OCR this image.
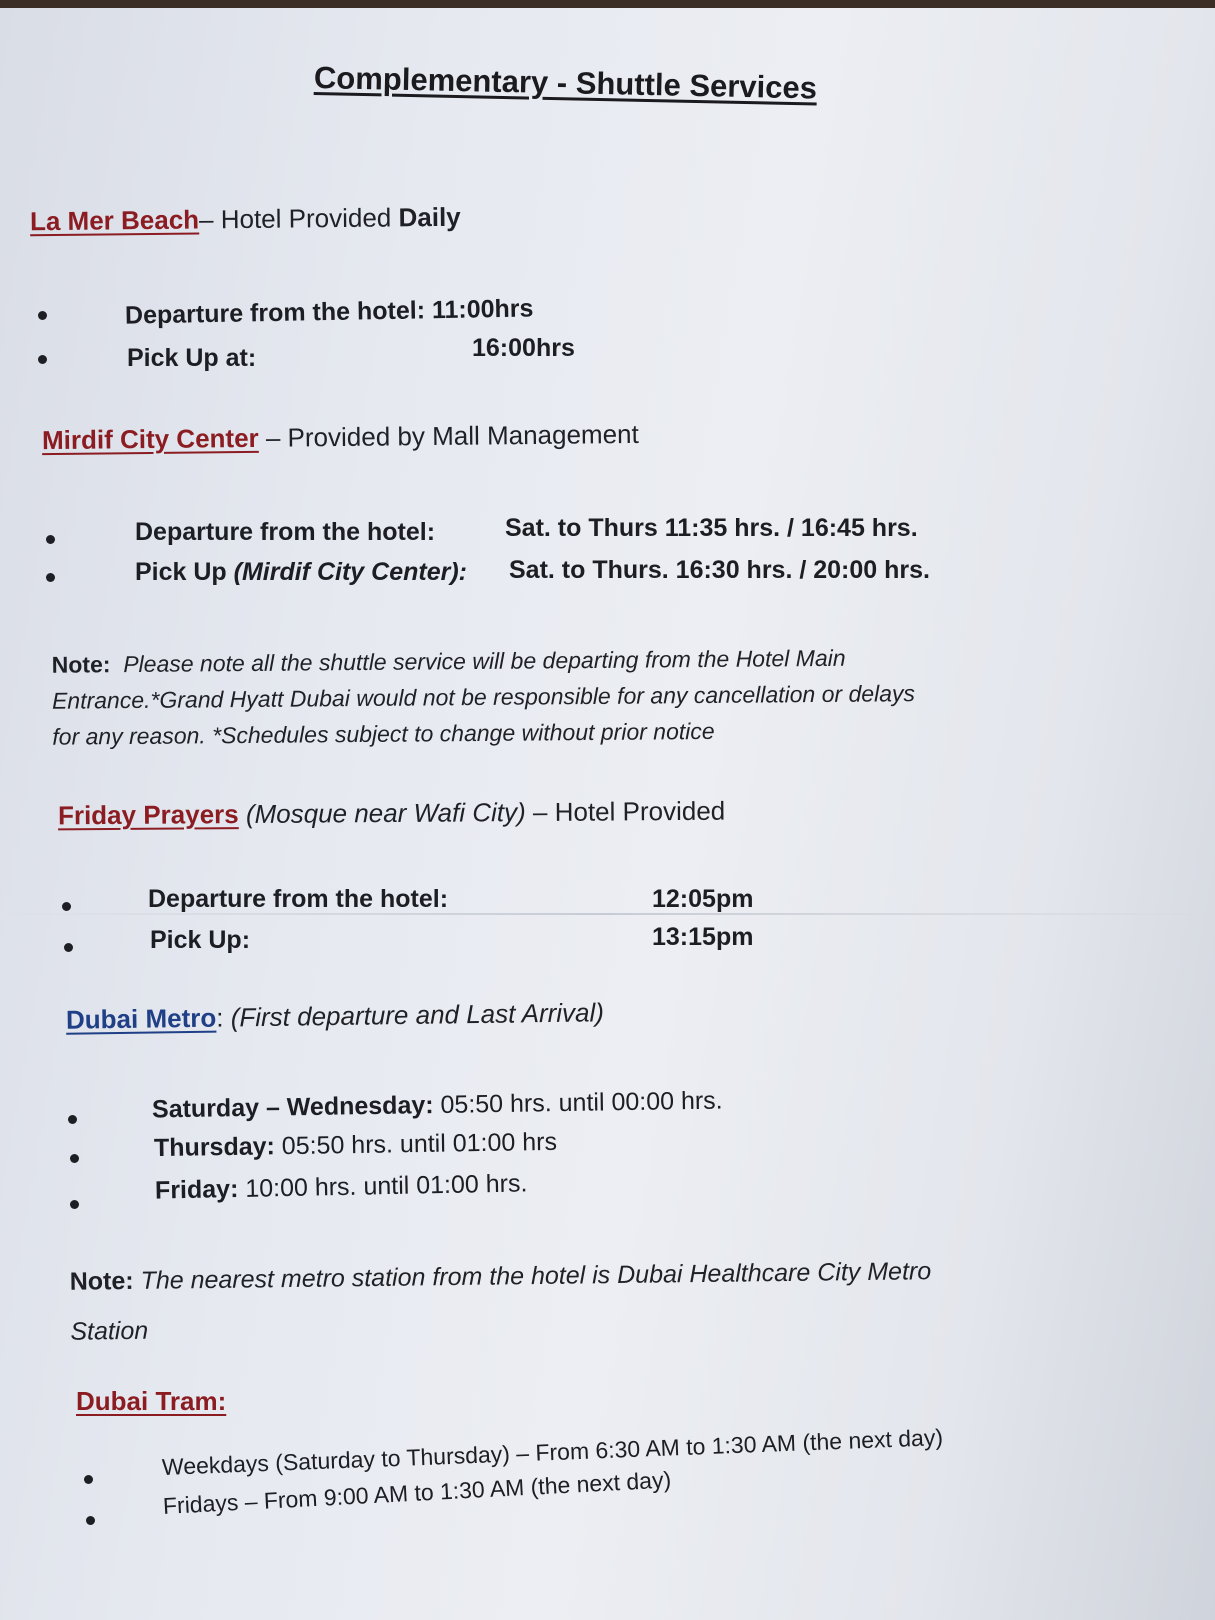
Complementary - Shuttle Services
La Mer Beach– Hotel Provided Daily
Departure from the hotel: 11:00hrs
Pick Up at:	16:00hrs
Mirdif City Center – Provided by Mall Management
Departure from the hotel:	Sat. to Thurs 11:35 hrs. / 16:45 hrs.
Pick Up (Mirdif City Center): Sat. to Thurs. 16:30 hrs. / 20:00 hrs.
Note: Please note all the shuttle service will be departing from the Hotel Main
Entrance.*Grand Hyatt Dubai would not be responsible for any cancellation or delays
for any reason. *Schedules subject to change without prior notice
Friday Prayers (Mosque near Wafi City) – Hotel Provided
Departure from the hotel:	12:05pm
Pick Up:	13:15pm
Dubai Metro: (First departure and Last Arrival)
Saturday – Wednesday: 05:50 hrs. until 00:00 hrs.
Thursday: 05:50 hrs. until 01:00 hrs
Friday: 10:00 hrs. until 01:00 hrs.
Note: The nearest metro station from the hotel is Dubai Healthcare City Metro
Station
Dubai Tram:
Weekdays (Saturday to Thursday) – From 6:30 AM to 1:30 AM (the next day)
Fridays – From 9:00 AM to 1:30 AM (the next day)
